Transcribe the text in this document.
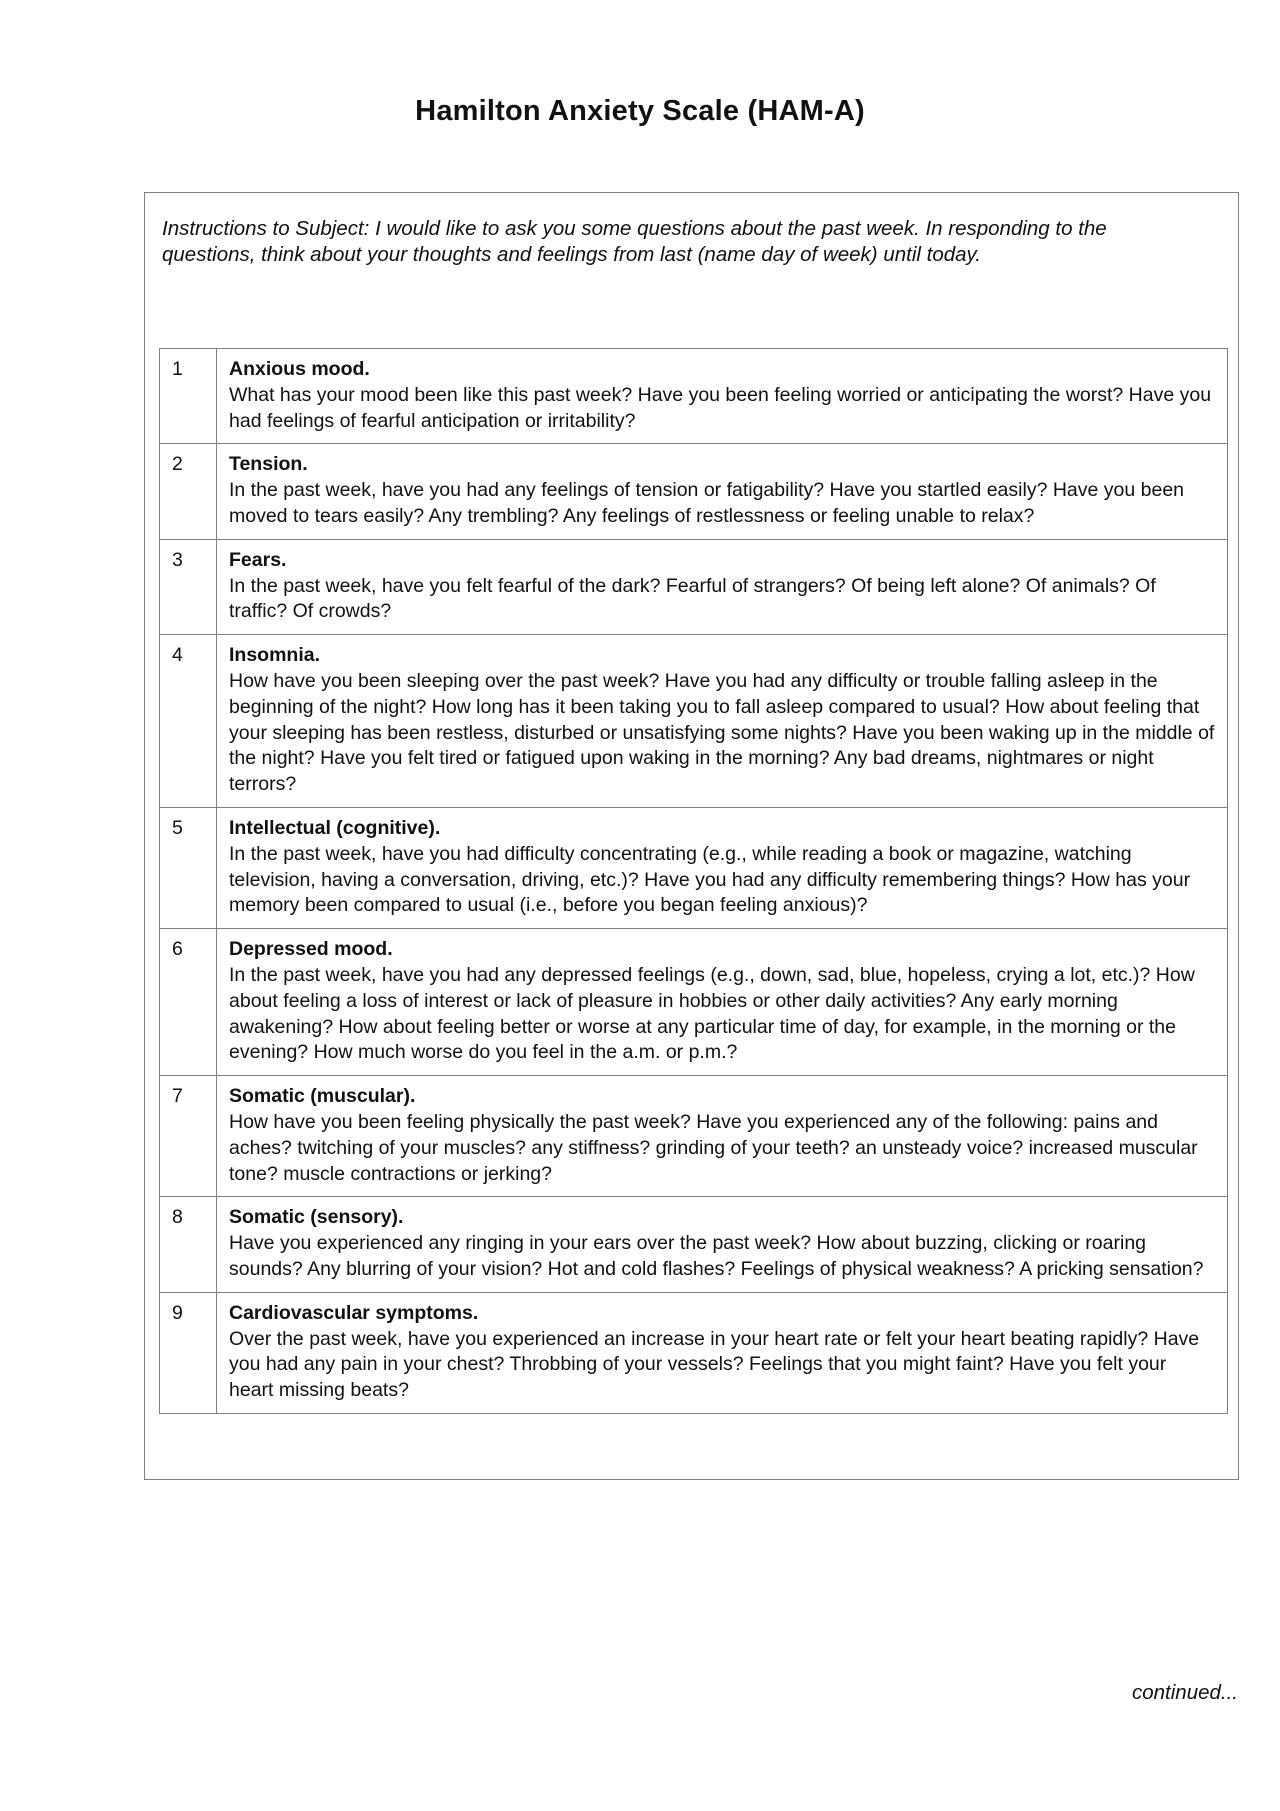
Hamilton Anxiety Scale (HAM-A)
Instructions to Subject: I would like to ask you some questions about the past week. In responding to the questions, think about your thoughts and feelings from last (name day of week) until today.
1	Anxious mood.
What has your mood been like this past week? Have you been feeling worried or anticipating the worst? Have you had feelings of fearful anticipation or irritability?

2	Tension.
In the past week, have you had any feelings of tension or fatigability? Have you startled easily? Have you been moved to tears easily? Any trembling? Any feelings of restlessness or feeling unable to relax?

3	Fears.
In the past week, have you felt fearful of the dark? Fearful of strangers? Of being left alone? Of animals? Of traffic? Of crowds?

4	Insomnia.
How have you been sleeping over the past week? Have you had any difficulty or trouble falling asleep in the beginning of the night? How long has it been taking you to fall asleep compared to usual? How about feeling that your sleeping has been restless, disturbed or unsatisfying some nights? Have you been waking up in the middle of the night? Have you felt tired or fatigued upon waking in the morning? Any bad dreams, nightmares or night terrors?

5	Intellectual (cognitive).
In the past week, have you had difficulty concentrating (e.g., while reading a book or magazine, watching television, having a conversation, driving, etc.)? Have you had any difficulty remembering things? How has your memory been compared to usual (i.e., before you began feeling anxious)?

6	Depressed mood.
In the past week, have you had any depressed feelings (e.g., down, sad, blue, hopeless, crying a lot, etc.)? How about feeling a loss of interest or lack of pleasure in hobbies or other daily activities? Any early morning awakening? How about feeling better or worse at any particular time of day, for example, in the morning or the evening? How much worse do you feel in the a.m. or p.m.?

7	Somatic (muscular).
How have you been feeling physically the past week? Have you experienced any of the following: pains and aches? twitching of your muscles? any stiffness? grinding of your teeth? an unsteady voice? increased muscular tone? muscle contractions or jerking?

8	Somatic (sensory).
Have you experienced any ringing in your ears over the past week? How about buzzing, clicking or roaring sounds? Any blurring of your vision? Hot and cold flashes? Feelings of physical weakness? A pricking sensation?

9	Cardiovascular symptoms.
Over the past week, have you experienced an increase in your heart rate or felt your heart beating rapidly? Have you had any pain in your chest? Throbbing of your vessels? Feelings that you might faint? Have you felt your heart missing beats?
continued...
